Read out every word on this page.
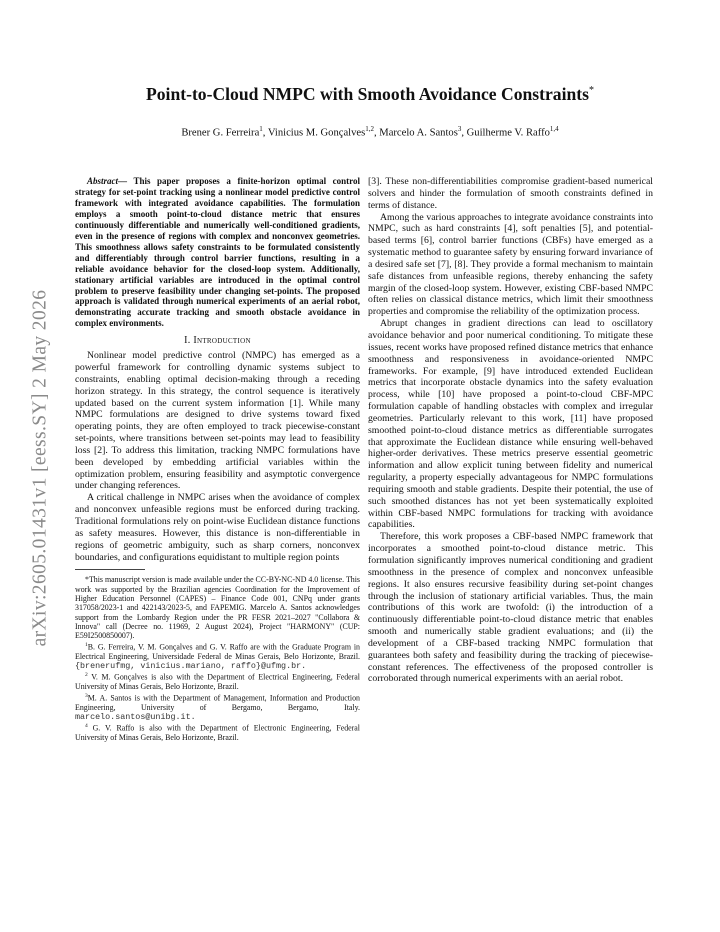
arXiv:2605.01431v1 [eess.SY] 2 May 2026
Point-to-Cloud NMPC with Smooth Avoidance Constraints*
Brener G. Ferreira$^1$, Vinicius M. Gonçalves$^{1,2}$, Marcelo A. Santos$^3$, Guilherme V. Raffo$^{1,4}$

Abstract— This paper proposes a finite-horizon optimal control strategy for set-point tracking using a nonlinear model predictive control framework with integrated avoidance capabilities. The formulation employs a smooth point-to-cloud distance metric that ensures continuously differentiable and numerically well-conditioned gradients, even in the presence of regions with complex and nonconvex geometries. This smoothness allows safety constraints to be formulated consistently and differentiably through control barrier functions, resulting in a reliable avoidance behavior for the closed-loop system. Additionally, stationary artificial variables are introduced in the optimal control problem to preserve feasibility under changing set-points. The proposed approach is validated through numerical experiments of an aerial robot, demonstrating accurate tracking and smooth obstacle avoidance in complex environments.

I. Introduction

Nonlinear model predictive control (NMPC) has emerged as a powerful framework for controlling dynamic systems subject to constraints, enabling optimal decision-making through a receding horizon strategy. In this strategy, the control sequence is iteratively updated based on the current system information [1]. While many NMPC formulations are designed to drive systems toward fixed operating points, they are often employed to track piecewise-constant set-points, where transitions between set-points may lead to feasibility loss [2]. To address this limitation, tracking NMPC formulations have been developed by embedding artificial variables within the optimization problem, ensuring feasibility and asymptotic convergence under changing references.

A critical challenge in NMPC arises when the avoidance of complex and nonconvex unfeasible regions must be enforced during tracking. Traditional formulations rely on point-wise Euclidean distance functions as safety measures. However, this distance is non-differentiable in regions of geometric ambiguity, such as sharp corners, nonconvex boundaries, and configurations equidistant to multiple region points

*This manuscript version is made available under the CC-BY-NC-ND 4.0 license. This work was supported by the Brazilian agencies Coordination for the Improvement of Higher Education Personnel (CAPES) – Finance Code 001, CNPq under grants 317058/2023-1 and 422143/2023-5, and FAPEMIG. Marcelo A. Santos acknowledges support from the Lombardy Region under the PR FESR 2021–2027 "Collabora & Innova" call (Decree no. 11969, 2 August 2024), Project "HARMONY" (CUP: E59I2500850007).

$^1$B. G. Ferreira, V. M. Gonçalves and G. V. Raffo are with the Graduate Program in Electrical Engineering, Universidade Federal de Minas Gerais, Belo Horizonte, Brazil. {brenerufmg, vinicius.mariano, raffo}@ufmg.br.

$^2$ V. M. Gonçalves is also with the Department of Electrical Engineering, Federal University of Minas Gerais, Belo Horizonte, Brazil.

$^3$M. A. Santos is with the Department of Management, Information and Production Engineering, University of Bergamo, Bergamo, Italy. marcelo.santos@unibg.it.

$^4$ G. V. Raffo is also with the Department of Electronic Engineering, Federal University of Minas Gerais, Belo Horizonte, Brazil.

[3]. These non-differentiabilities compromise gradient-based numerical solvers and hinder the formulation of smooth constraints defined in terms of distance.

Among the various approaches to integrate avoidance constraints into NMPC, such as hard constraints [4], soft penalties [5], and potential-based terms [6], control barrier functions (CBFs) have emerged as a systematic method to guarantee safety by ensuring forward invariance of a desired safe set [7], [8]. They provide a formal mechanism to maintain safe distances from unfeasible regions, thereby enhancing the safety margin of the closed-loop system. However, existing CBF-based NMPC often relies on classical distance metrics, which limit their smoothness properties and compromise the reliability of the optimization process.

Abrupt changes in gradient directions can lead to oscillatory avoidance behavior and poor numerical conditioning. To mitigate these issues, recent works have proposed refined distance metrics that enhance smoothness and responsiveness in avoidance-oriented NMPC frameworks. For example, [9] have introduced extended Euclidean metrics that incorporate obstacle dynamics into the safety evaluation process, while [10] have proposed a point-to-cloud CBF-MPC formulation capable of handling obstacles with complex and irregular geometries. Particularly relevant to this work, [11] have proposed smoothed point-to-cloud distance metrics as differentiable surrogates that approximate the Euclidean distance while ensuring well-behaved higher-order derivatives. These metrics preserve essential geometric information and allow explicit tuning between fidelity and numerical regularity, a property especially advantageous for NMPC formulations requiring smooth and stable gradients. Despite their potential, the use of such smoothed distances has not yet been systematically exploited within CBF-based NMPC formulations for tracking with avoidance capabilities.

Therefore, this work proposes a CBF-based NMPC framework that incorporates a smoothed point-to-cloud distance metric. This formulation significantly improves numerical conditioning and gradient smoothness in the presence of complex and nonconvex unfeasible regions. It also ensures recursive feasibility during set-point changes through the inclusion of stationary artificial variables. Thus, the main contributions of this work are twofold: (i) the introduction of a continuously differentiable point-to-cloud distance metric that enables smooth and numerically stable gradient evaluations; and (ii) the development of a CBF-based tracking NMPC formulation that guarantees both safety and feasibility during the tracking of piecewise-constant references. The effectiveness of the proposed controller is corroborated through numerical experiments with an aerial robot.
